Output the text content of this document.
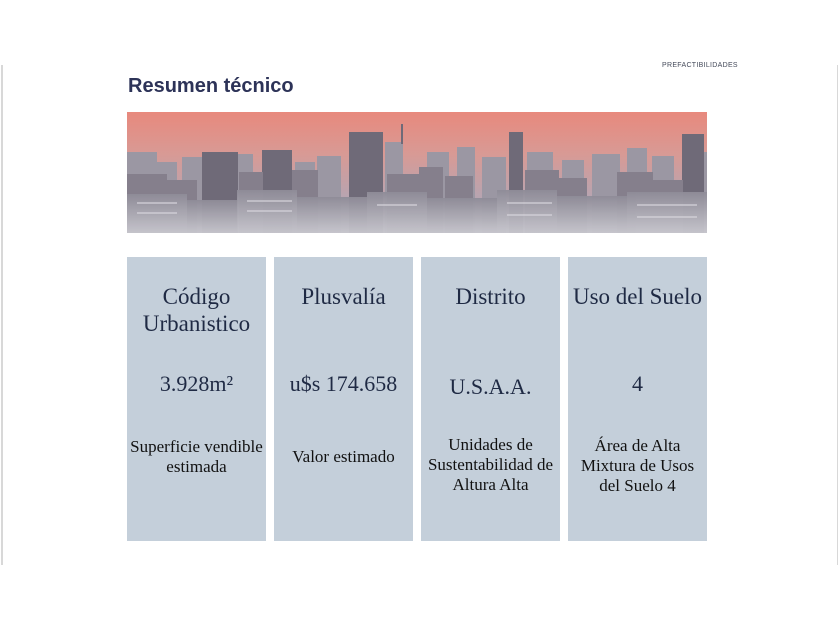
PREFACTIBILIDADES
Resumen técnico
Código Urbanistico
3.928m²
Superficie vendible estimada
Plusvalía
u$s 174.658
Valor estimado
Distrito
U.S.A.A.
Unidades de Sustentabilidad de Altura Alta
Uso del Suelo
4
Área de Alta Mixtura de Usos del Suelo 4
